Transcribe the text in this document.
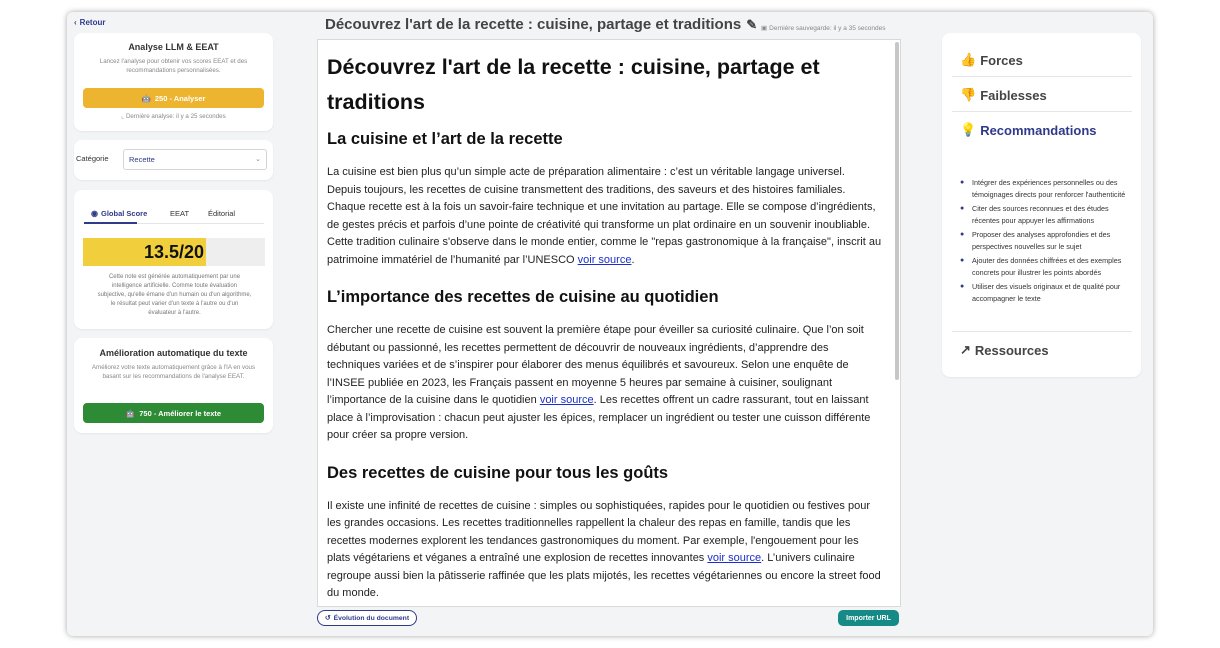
‹ Retour
Analyse LLM & EEAT
Lancez l'analyse pour obtenir vos scores EEAT et des recommandations personnalisées.
🤖 250 - Analyser
⌞ Dernière analyse: il y a 25 secondes
Catégorie	Recette	⌄
◉ Global Score	EEAT	Éditorial
13.5/20
Cette note est générée automatiquement par une intelligence artificielle. Comme toute évaluation subjective, qu'elle émane d'un humain ou d'un algorithme, le résultat peut varier d'un texte à l'autre ou d'un évaluateur à l'autre.
Amélioration automatique du texte
Améliorez votre texte automatiquement grâce à l'IA en vous basant sur les recommandations de l'analyse EEAT.
🤖 750 - Améliorer le texte
Découvrez l'art de la recette : cuisine, partage et traditions ✎ ▣ Dernière sauvegarde: il y a 35 secondes
Découvrez l'art de la recette : cuisine, partage et traditions
La cuisine et l’art de la recette

La cuisine est bien plus qu’un simple acte de préparation alimentaire : c’est un véritable langage universel. Depuis toujours, les recettes de cuisine transmettent des traditions, des saveurs et des histoires familiales. Chaque recette est à la fois un savoir-faire technique et une invitation au partage. Elle se compose d’ingrédients, de gestes précis et parfois d’une pointe de créativité qui transforme un plat ordinaire en un souvenir inoubliable. Cette tradition culinaire s'observe dans le monde entier, comme le "repas gastronomique à la française", inscrit au patrimoine immatériel de l’humanité par l’UNESCO voir source.

L’importance des recettes de cuisine au quotidien

Chercher une recette de cuisine est souvent la première étape pour éveiller sa curiosité culinaire. Que l’on soit débutant ou passionné, les recettes permettent de découvrir de nouveaux ingrédients, d’apprendre des techniques variées et de s’inspirer pour élaborer des menus équilibrés et savoureux. Selon une enquête de l’INSEE publiée en 2023, les Français passent en moyenne 5 heures par semaine à cuisiner, soulignant l’importance de la cuisine dans le quotidien voir source. Les recettes offrent un cadre rassurant, tout en laissant place à l’improvisation : chacun peut ajuster les épices, remplacer un ingrédient ou tester une cuisson différente pour créer sa propre version.

Des recettes de cuisine pour tous les goûts

Il existe une infinité de recettes de cuisine : simples ou sophistiquées, rapides pour le quotidien ou festives pour les grandes occasions. Les recettes traditionnelles rappellent la chaleur des repas en famille, tandis que les recettes modernes explorent les tendances gastronomiques du moment. Par exemple, l'engouement pour les plats végétariens et véganes a entraîné une explosion de recettes innovantes voir source. L’univers culinaire regroupe aussi bien la pâtisserie raffinée que les plats mijotés, les recettes végétariennes ou encore la street food du monde.

↺ Évolution du document	Importer URL
👍 Forces
👎 Faiblesses
💡 Recommandations
●	Intégrer des expériences personnelles ou des témoignages directs pour renforcer l'authenticité
●	Citer des sources reconnues et des études récentes pour appuyer les affirmations
●	Proposer des analyses approfondies et des perspectives nouvelles sur le sujet
●	Ajouter des données chiffrées et des exemples concrets pour illustrer les points abordés
●	Utiliser des visuels originaux et de qualité pour accompagner le texte
↗ Ressources
